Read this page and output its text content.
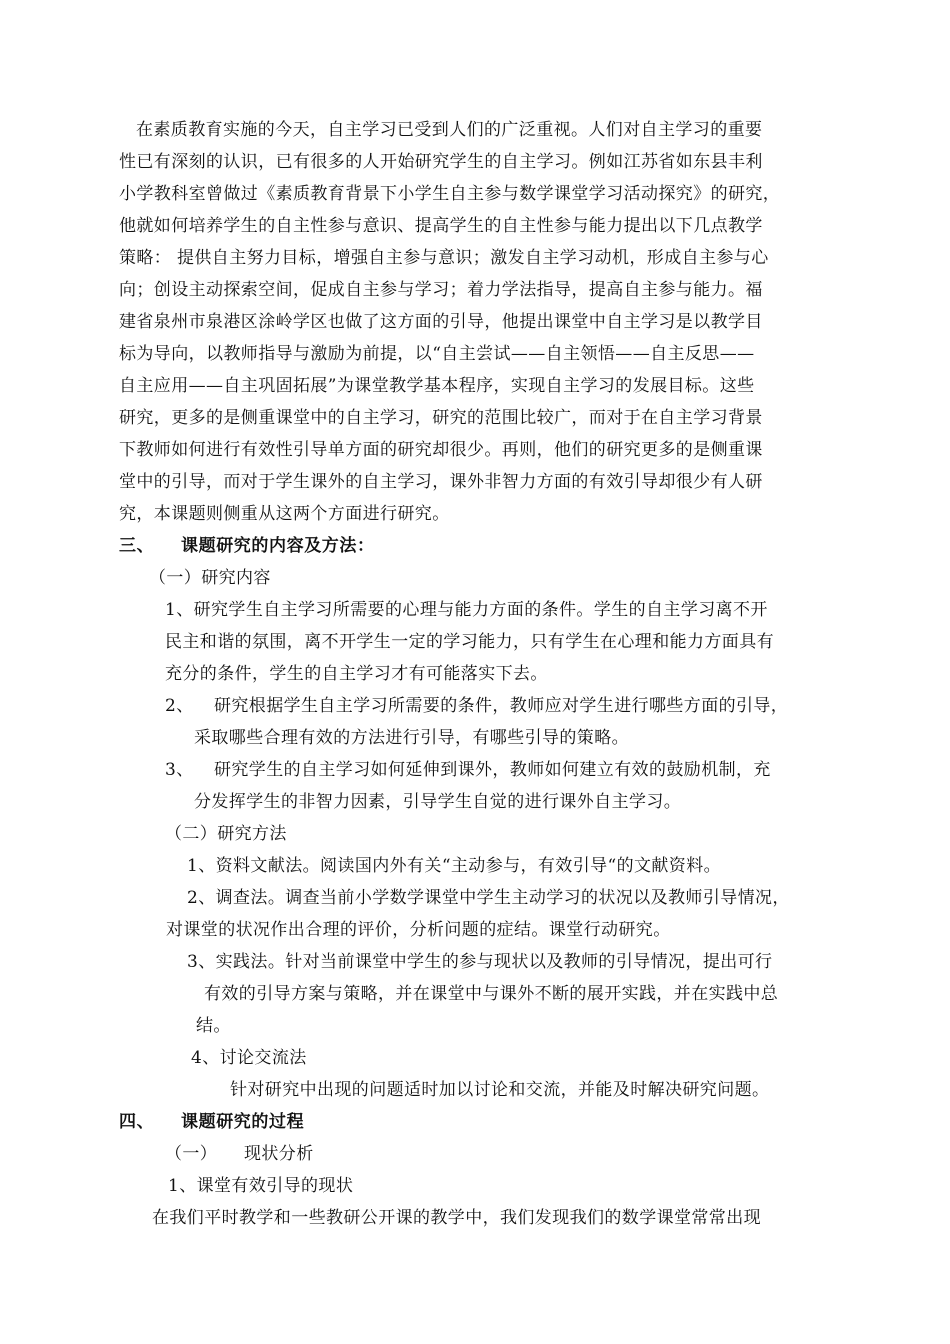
在素质教育实施的今天，自主学习已受到人们的广泛重视。人们对自主学习的重要
性已有深刻的认识，已有很多的人开始研究学生的自主学习。例如江苏省如东县丰利
小学教科室曾做过《素质教育背景下小学生自主参与数学课堂学习活动探究》的研究，
他就如何培养学生的自主性参与意识、提高学生的自主性参与能力提出以下几点教学
策略： 提供自主努力目标，增强自主参与意识；激发自主学习动机，形成自主参与心
向；创设主动探索空间，促成自主参与学习；着力学法指导，提高自主参与能力。福
建省泉州市泉港区涂岭学区也做了这方面的引导，他提出课堂中自主学习是以教学目
标为导向，以教师指导与激励为前提，以“自主尝试——自主领悟——自主反思——
自主应用——自主巩固拓展”为课堂教学基本程序，实现自主学习的发展目标。这些
研究，更多的是侧重课堂中的自主学习，研究的范围比较广，而对于在自主学习背景
下教师如何进行有效性引导单方面的研究却很少。再则，他们的研究更多的是侧重课
堂中的引导，而对于学生课外的自主学习，课外非智力方面的有效引导却很少有人研
究，本课题则侧重从这两个方面进行研究。
三、 课题研究的内容及方法：
（一）研究内容
1、研究学生自主学习所需要的心理与能力方面的条件。学生的自主学习离不开
民主和谐的氛围，离不开学生一定的学习能力，只有学生在心理和能力方面具有
充分的条件，学生的自主学习才有可能落实下去。
2、 研究根据学生自主学习所需要的条件，教师应对学生进行哪些方面的引导，
采取哪些合理有效的方法进行引导，有哪些引导的策略。
3、 研究学生的自主学习如何延伸到课外，教师如何建立有效的鼓励机制，充
分发挥学生的非智力因素，引导学生自觉的进行课外自主学习。
（二）研究方法
1、资料文献法。阅读国内外有关“主动参与，有效引导“的文献资料。
2、调查法。调查当前小学数学课堂中学生主动学习的状况以及教师引导情况，
对课堂的状况作出合理的评价，分析问题的症结。课堂行动研究。
3、实践法。针对当前课堂中学生的参与现状以及教师的引导情况，提出可行
有效的引导方案与策略，并在课堂中与课外不断的展开实践，并在实践中总
结。
4、讨论交流法
针对研究中出现的问题适时加以讨论和交流，并能及时解决研究问题。
四、 课题研究的过程
（一） 现状分析
1、课堂有效引导的现状
在我们平时教学和一些教研公开课的教学中，我们发现我们的数学课堂常常出现
